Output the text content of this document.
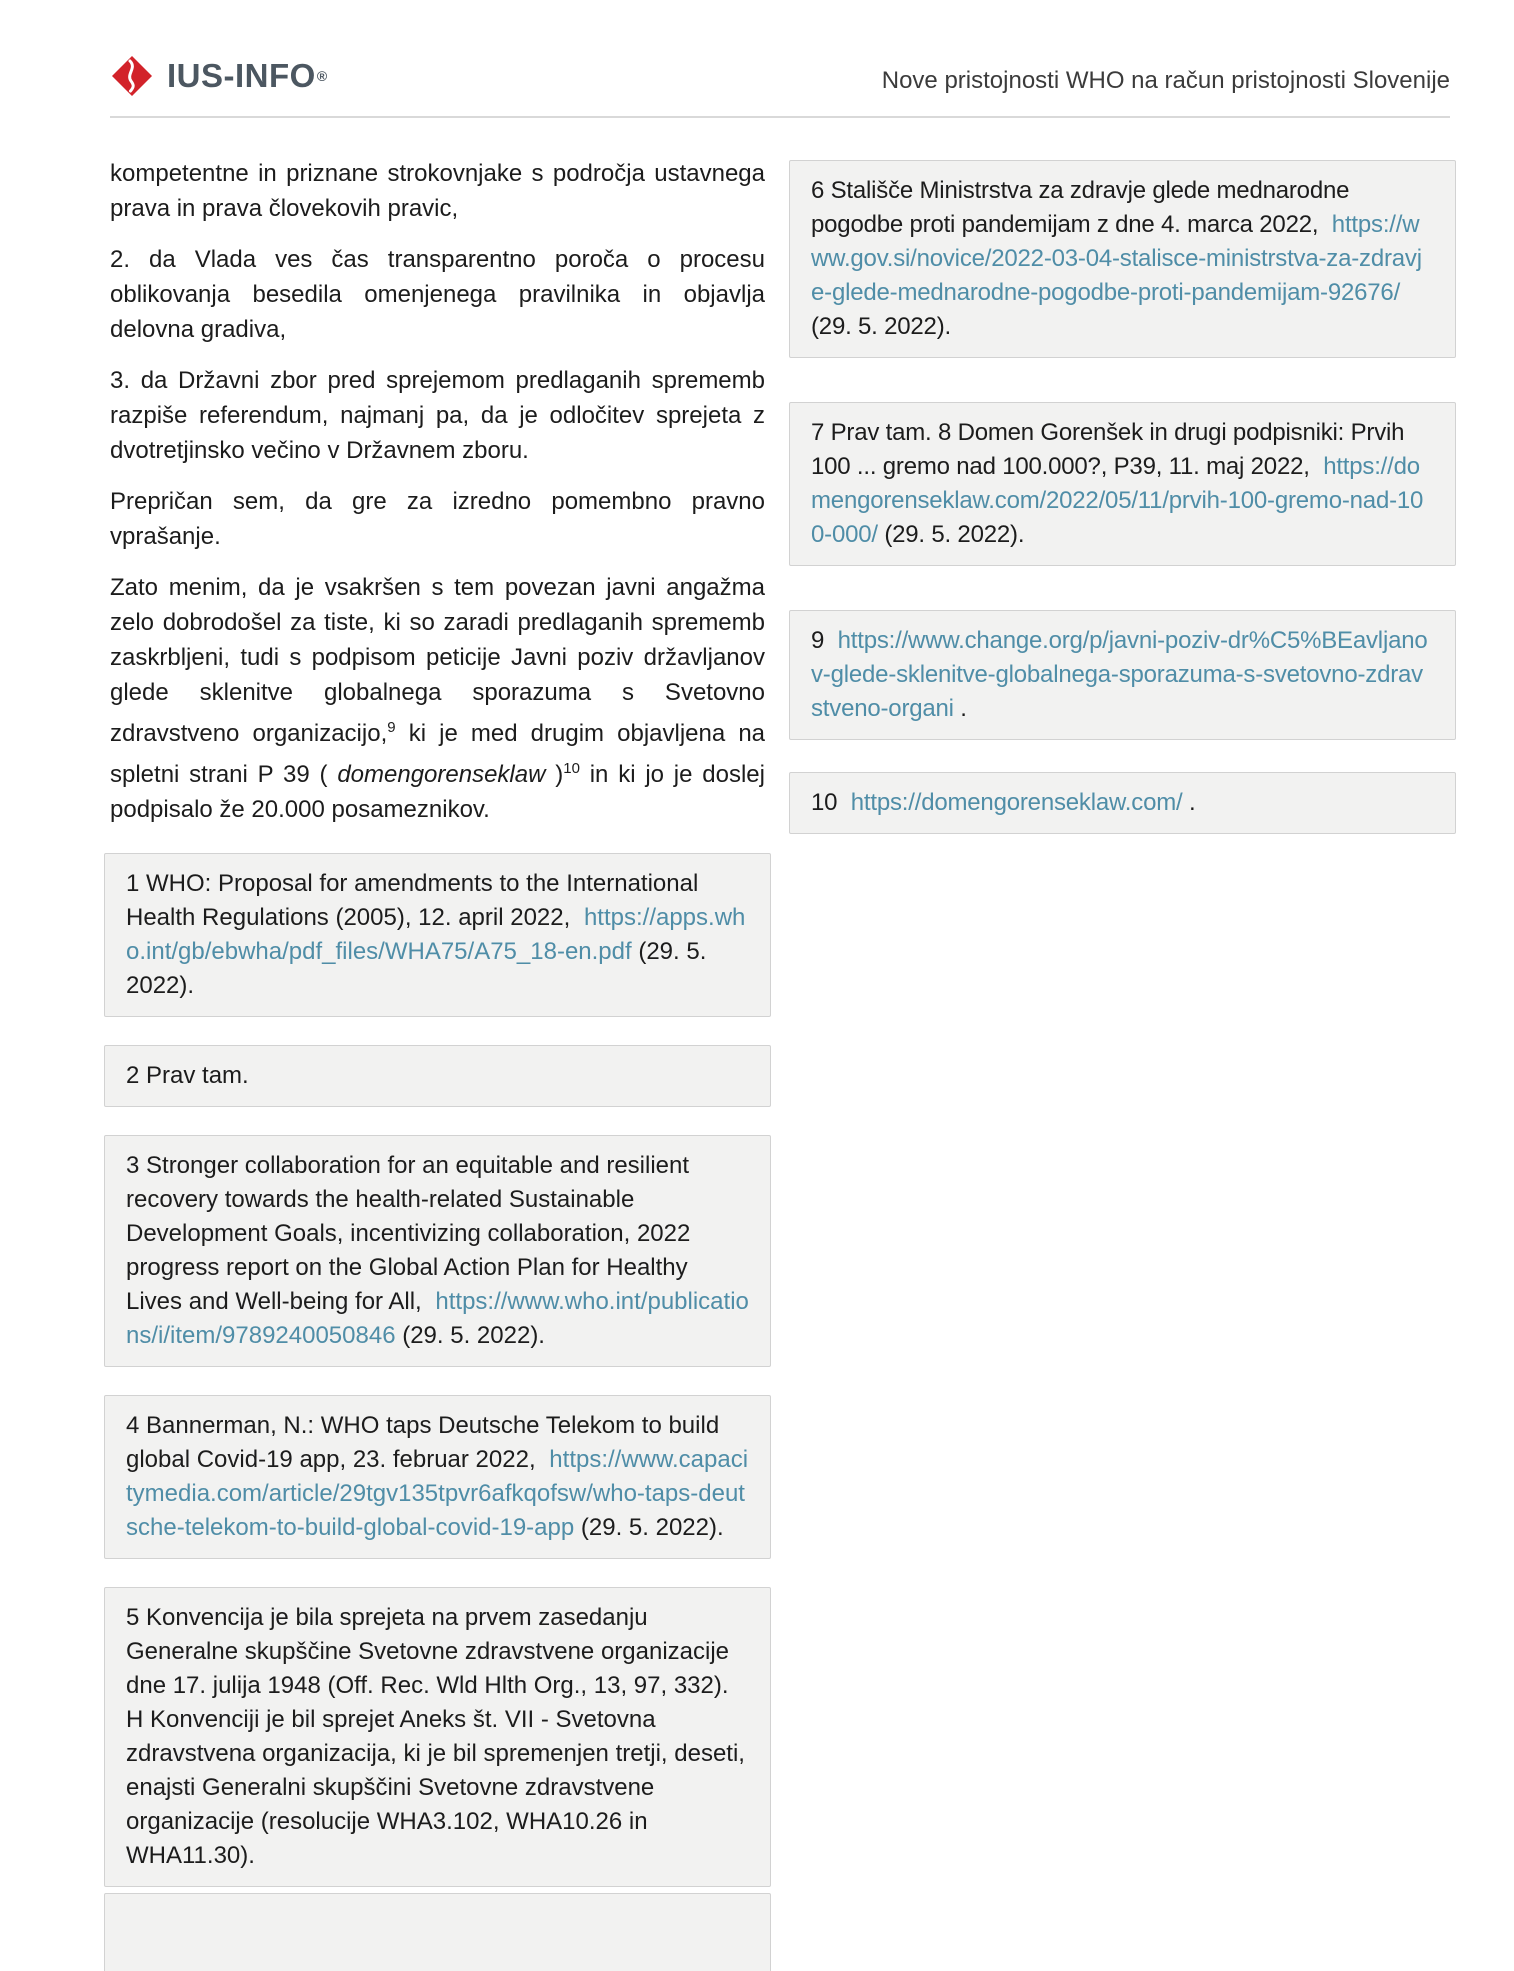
IUS-INFO®	Nove pristojnosti WHO na račun pristojnosti Slovenije

kompetentne in priznane strokovnjake s področja ustavnega prava in prava človekovih pravic,

2. da Vlada ves čas transparentno poroča o procesu oblikovanja besedila omenjenega pravilnika in objavlja delovna gradiva,

3. da Državni zbor pred sprejemom predlaganih sprememb razpiše referendum, najmanj pa, da je odločitev sprejeta z dvotretjinsko večino v Državnem zboru.

Prepričan sem, da gre za izredno pomembno pravno vprašanje.

Zato menim, da je vsakršen s tem povezan javni angažma zelo dobrodošel za tiste, ki so zaradi predlaganih sprememb zaskrbljeni, tudi s podpisom peticije Javni poziv državljanov glede sklenitve globalnega sporazuma s Svetovno zdravstveno organizacijo,$^9$ ki je med drugim objavljena na spletni strani P 39 ( domengorenseklaw )$^{10}$ in ki jo je doslej podpisalo že 20.000 posameznikov.

1 WHO: Proposal for amendments to the International Health Regulations (2005), 12. april 2022, https://apps.who.int/gb/ebwha/pdf_files/WHA75/A75_18-en.pdf (29. 5. 2022).
2 Prav tam.
3 Stronger collaboration for an equitable and resilient recovery towards the health-related Sustainable Development Goals, incentivizing collaboration, 2022 progress report on the Global Action Plan for Healthy Lives and Well-being for All, https://www.who.int/publications/i/item/9789240050846 (29. 5. 2022).
4 Bannerman, N.: WHO taps Deutsche Telekom to build global Covid-19 app, 23. februar 2022, https://www.capacitymedia.com/article/29tgv135tpvr6afkqofsw/who-taps-deutsche-telekom-to-build-global-covid-19-app (29. 5. 2022).
5 Konvencija je bila sprejeta na prvem zasedanju Generalne skupščine Svetovne zdravstvene organizacije dne 17. julija 1948 (Off. Rec. Wld Hlth Org., 13, 97, 332). H Konvenciji je bil sprejet Aneks št. VII - Svetovna zdravstvena organizacija, ki je bil spremenjen tretji, deseti, enajsti Generalni skupščini Svetovne zdravstvene organizacije (resolucije WHA3.102, WHA10.26 in WHA11.30).
6 Stališče Ministrstva za zdravje glede mednarodne pogodbe proti pandemijam z dne 4. marca 2022, https://www.gov.si/novice/2022-03-04-stalisce-ministrstva-za-zdravje-glede-mednarodne-pogodbe-proti-pandemijam-92676/ (29. 5. 2022).
7 Prav tam. 8 Domen Gorenšek in drugi podpisniki: Prvih 100 ... gremo nad 100.000?, P39, 11. maj 2022, https://domengorenseklaw.com/2022/05/11/prvih-100-gremo-nad-100-000/ (29. 5. 2022).
9 https://www.change.org/p/javni-poziv-dr%C5%BEavljanov-glede-sklenitve-globalnega-sporazuma-s-svetovno-zdravstveno-organi .
10 https://domengorenseklaw.com/ .
